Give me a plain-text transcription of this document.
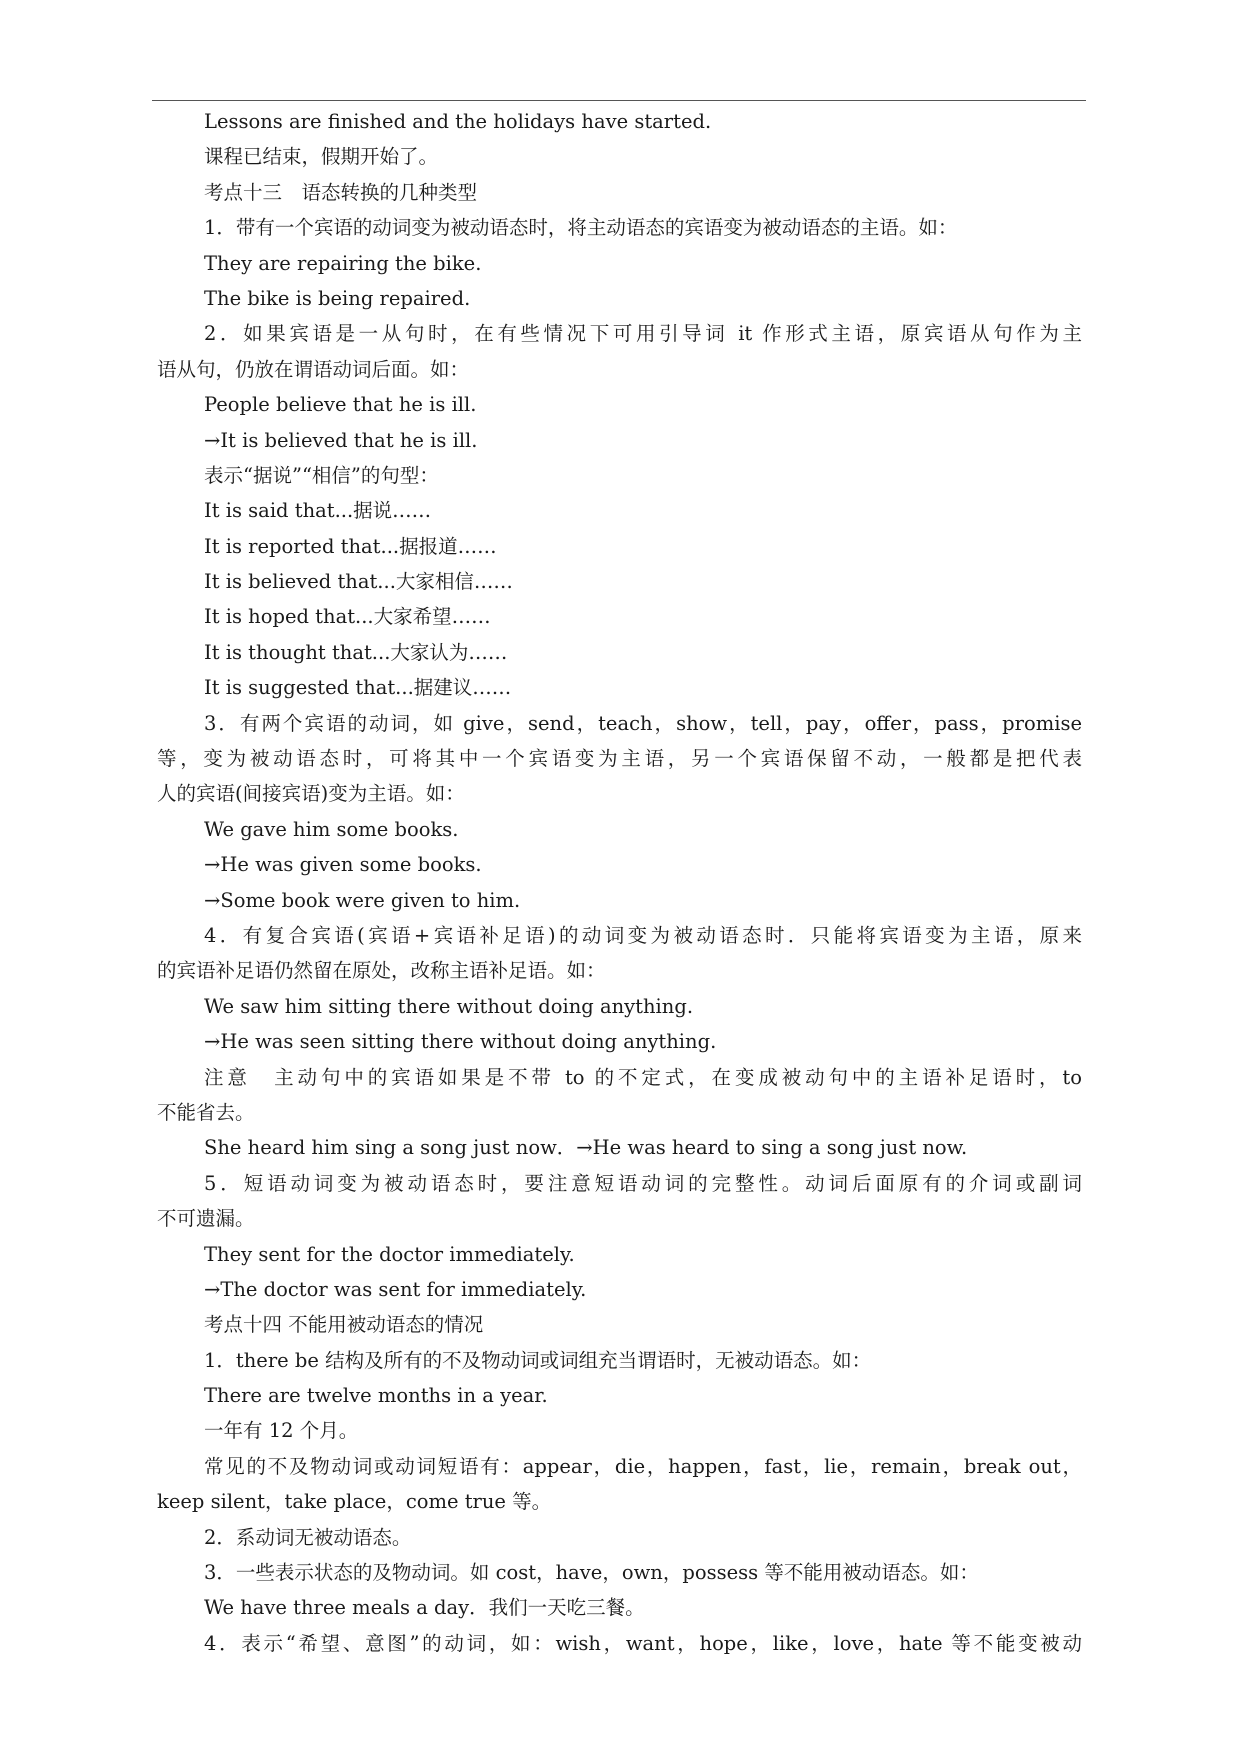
Lessons are finished and the holidays have started.
课程已结束，假期开始了。
考点十三　语态转换的几种类型
1．带有一个宾语的动词变为被动语态时，将主动语态的宾语变为被动语态的主语。如：
They are repairing the bike.
The bike is being repaired.
2．如果宾语是一从句时，在有些情况下可用引导词 it 作形式主语，原宾语从句作为主
语从句，仍放在谓语动词后面。如：
People believe that he is ill.
→It is believed that he is ill.
表示“据说”“相信”的句型：
It is said that...据说……
It is reported that...据报道……
It is believed that...大家相信……
It is hoped that...大家希望……
It is thought that...大家认为……
It is suggested that...据建议……
3．有两个宾语的动词，如 give，send，teach，show，tell，pay，offer，pass，promise
等，变为被动语态时，可将其中一个宾语变为主语，另一个宾语保留不动，一般都是把代表
人的宾语(间接宾语)变为主语。如：
We gave him some books.
→He was given some books.
→Some book were given to him.
4．有复合宾语(宾语+宾语补足语)的动词变为被动语态时．只能将宾语变为主语，原来
的宾语补足语仍然留在原处，改称主语补足语。如：
We saw him sitting there without doing anything.
→He was seen sitting there without doing anything.
注意　主动句中的宾语如果是不带 to 的不定式，在变成被动句中的主语补足语时，to
不能省去。
She heard him sing a song just now．→He was heard to sing a song just now.
5．短语动词变为被动语态时，要注意短语动词的完整性。动词后面原有的介词或副词
不可遗漏。
They sent for the doctor immediately.
→The doctor was sent for immediately.
考点十四 不能用被动语态的情况
1．there be 结构及所有的不及物动词或词组充当谓语时，无被动语态。如：
There are twelve months in a year.
一年有 12 个月。
常见的不及物动词或动词短语有：appear，die，happen，fast，lie，remain，break out，
keep silent，take place，come true 等。
2．系动词无被动语态。
3．一些表示状态的及物动词。如 cost，have，own，possess 等不能用被动语态。如：
We have three meals a day．我们一天吃三餐。
4．表示“希望、意图”的动词，如：wish，want，hope，like，love，hate 等不能变被动
